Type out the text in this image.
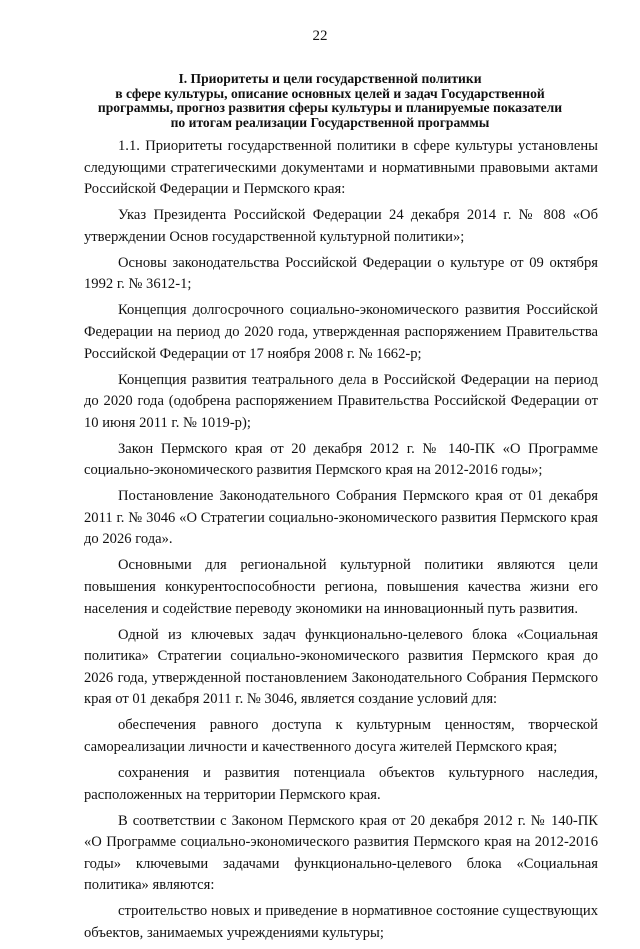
22
I. Приоритеты и цели государственной политики
в сфере культуры, описание основных целей и задач Государственной
программы, прогноз развития сферы культуры и планируемые показатели
по итогам реализации Государственной программы

1.1. Приоритеты государственной политики в сфере культуры установлены следующими стратегическими документами и нормативными правовыми актами Российской Федерации и Пермского края:

Указ Президента Российской Федерации 24 декабря 2014 г. № 808 «Об утверждении Основ государственной культурной политики»;

Основы законодательства Российской Федерации о культуре от 09 октября 1992 г. № 3612-1;

Концепция долгосрочного социально-экономического развития Российской Федерации на период до 2020 года, утвержденная распоряжением Правительства Российской Федерации от 17 ноября 2008 г. № 1662-р;

Концепция развития театрального дела в Российской Федерации на период до 2020 года (одобрена распоряжением Правительства Российской Федерации от 10 июня 2011 г. № 1019-р);

Закон Пермского края от 20 декабря 2012 г. № 140-ПК «О Программе социально-экономического развития Пермского края на 2012-2016 годы»;

Постановление Законодательного Собрания Пермского края от 01 декабря 2011 г. № 3046 «О Стратегии социально-экономического развития Пермского края до 2026 года».

Основными для региональной культурной политики являются цели повышения конкурентоспособности региона, повышения качества жизни его населения и содействие переводу экономики на инновационный путь развития.

Одной из ключевых задач функционально-целевого блока «Социальная политика» Стратегии социально-экономического развития Пермского края до 2026 года, утвержденной постановлением Законодательного Собрания Пермского края от 01 декабря 2011 г. № 3046, является создание условий для:

обеспечения равного доступа к культурным ценностям, творческой самореализации личности и качественного досуга жителей Пермского края;

сохранения и развития потенциала объектов культурного наследия, расположенных на территории Пермского края.

В соответствии с Законом Пермского края от 20 декабря 2012 г. № 140-ПК «О Программе социально-экономического развития Пермского края на 2012-2016 годы» ключевыми задачами функционально-целевого блока «Социальная политика» являются:

строительство новых и приведение в нормативное состояние существующих объектов, занимаемых учреждениями культуры;
